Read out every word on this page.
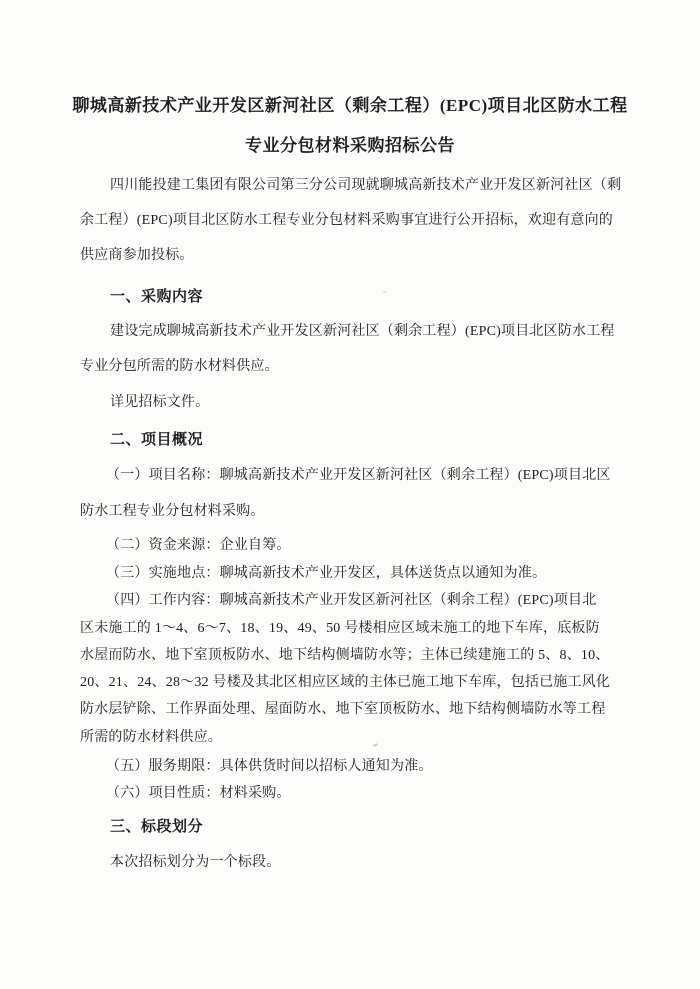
聊城高新技术产业开发区新河社区（剩余工程）(EPC)项目北区防水工程
专业分包材料采购招标公告
四川能投建工集团有限公司第三分公司现就聊城高新技术产业开发区新河社区（剩
余工程）(EPC)项目北区防水工程专业分包材料采购事宜进行公开招标，欢迎有意向的
供应商参加投标。
一、采购内容
建设完成聊城高新技术产业开发区新河社区（剩余工程）(EPC)项目北区防水工程
专业分包所需的防水材料供应。
详见招标文件。
二、项目概况
（一）项目名称：聊城高新技术产业开发区新河社区（剩余工程）(EPC)项目北区
防水工程专业分包材料采购。
（二）资金来源：企业自筹。
（三）实施地点：聊城高新技术产业开发区，具体送货点以通知为准。
（四）工作内容：聊城高新技术产业开发区新河社区（剩余工程）(EPC)项目北
区未施工的 1～4、6～7、18、19、49、50 号楼相应区域未施工的地下车库，底板防
水屋而防水、地下室顶板防水、地下结构侧墙防水等；主体已续建施工的 5、8、10、
20、21、24、28～32 号楼及其北区相应区域的主体已施工地下车库，包括已施工风化
防水层铲除、工作界面处理、屋面防水、地下室顶板防水、地下结构侧墙防水等工程
所需的防水材料供应。
（五）服务期限：具体供货时间以招标人通知为准。
（六）项目性质：材料采购。
三、标段划分
本次招标划分为一个标段。
